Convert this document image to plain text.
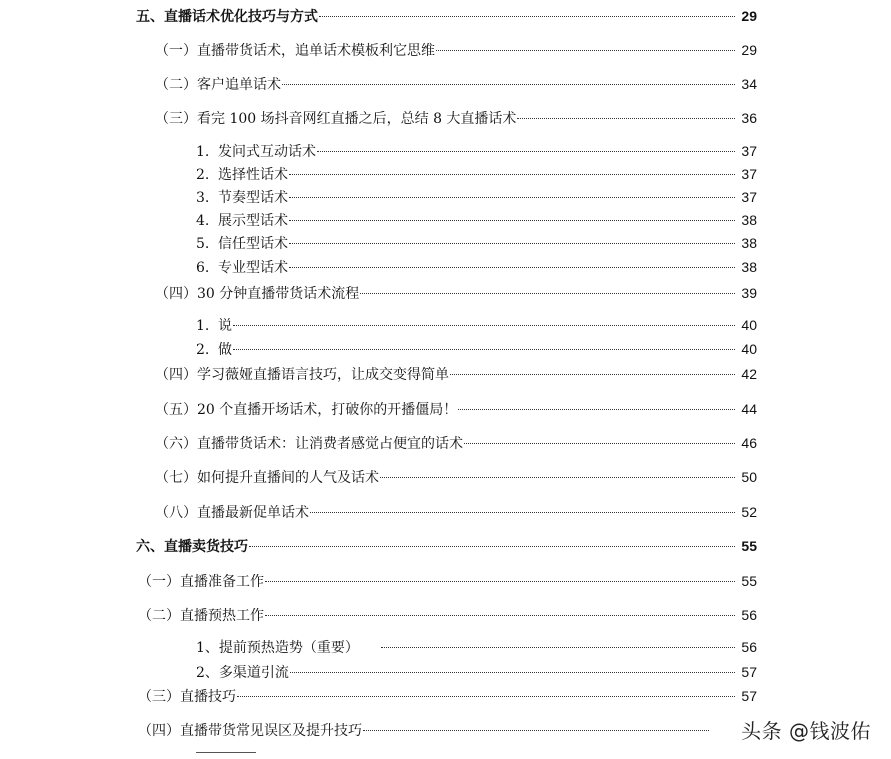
五、直播话术优化技巧与方式	29
（一）直播带货话术，追单话术模板利它思维	29
（二）客户追单话术	34
（三）看完 100 场抖音网红直播之后，总结 8 大直播话术	36
1. 发问式互动话术	37
2. 选择性话术	37
3. 节奏型话术	37
4. 展示型话术	38
5. 信任型话术	38
6. 专业型话术	38
（四）30 分钟直播带货话术流程	39
1. 说	40
2. 做	40
（四）学习薇娅直播语言技巧，让成交变得简单	42
（五）20 个直播开场话术，打破你的开播僵局！	44
（六）直播带货话术：让消费者感觉占便宜的话术	46
（七）如何提升直播间的人气及话术	50
（八）直播最新促单话术	52
六、直播卖货技巧	55
（一）直播准备工作	55
（二）直播预热工作	56
1、提前预热造势（重要）	56
2、多渠道引流	57
（三）直播技巧	57
（四）直播带货常见误区及提升技巧	头条 @钱波佑
